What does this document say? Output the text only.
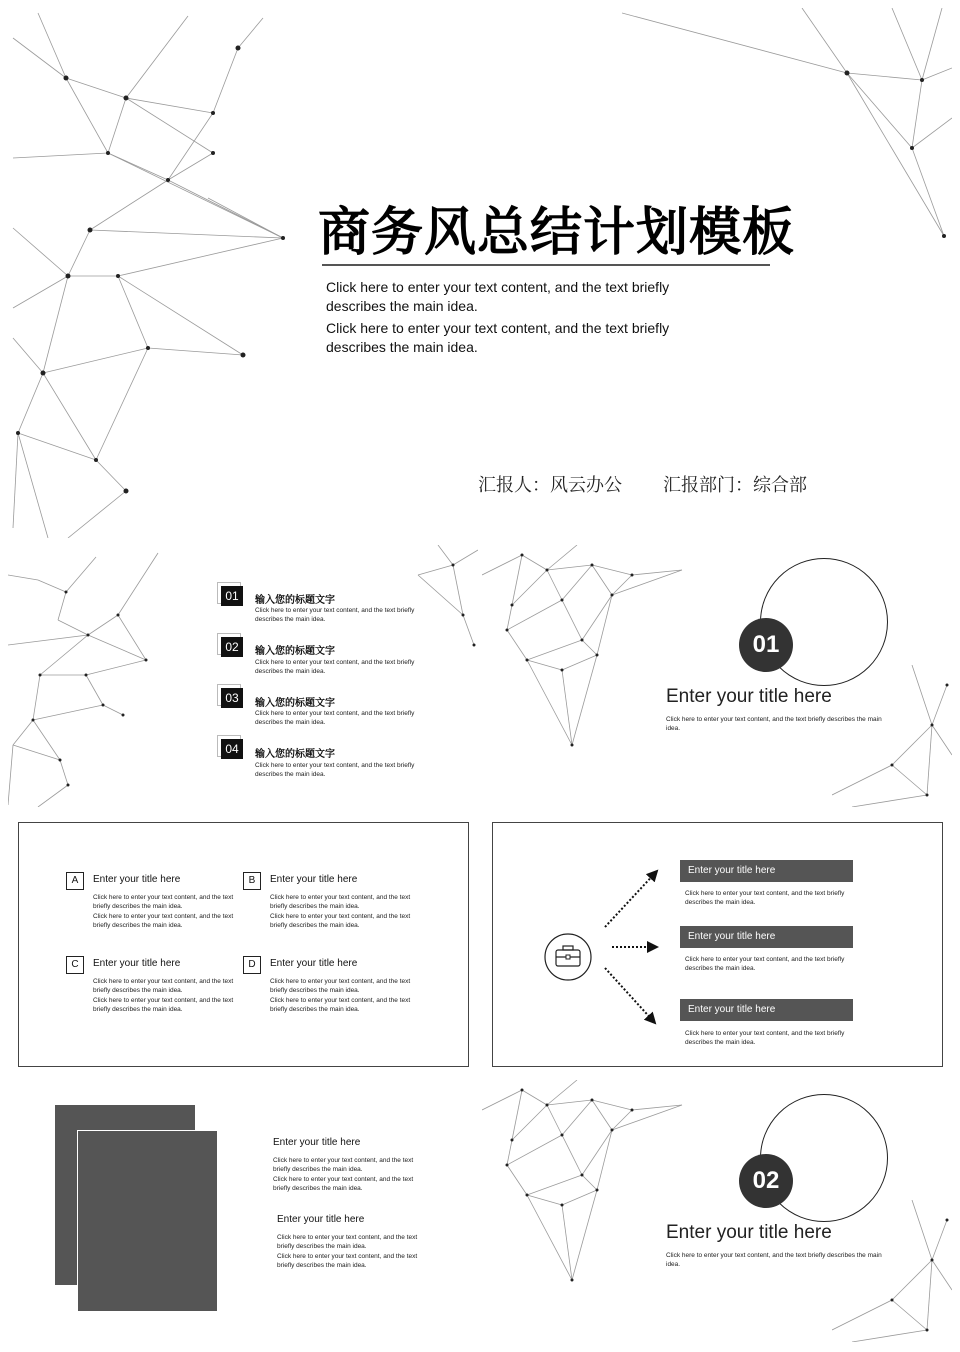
商务风总结计划模板
Click here to enter your text content, and the text briefly describes the main idea.
Click here to enter your text content, and the text briefly describes the main idea.
汇报人：风云办公 汇报部门：综合部
01	输入您的标题文字
Click here to enter your text content, and the text briefly describes the main idea.
02	输入您的标题文字
Click here to enter your text content, and the text briefly describes the main idea.
03	输入您的标题文字
Click here to enter your text content, and the text briefly describes the main idea.
04	输入您的标题文字
Click here to enter your text content, and the text briefly describes the main idea.
01
Enter your title here
Click here to enter your text content, and the text briefly describes the main idea.
A	Enter your title here
Click here to enter your text content, and the text briefly describes the main idea.
Click here to enter your text content, and the text briefly describes the main idea.
B	Enter your title here
Click here to enter your text content, and the text briefly describes the main idea.
Click here to enter your text content, and the text briefly describes the main idea.
C	Enter your title here
Click here to enter your text content, and the text briefly describes the main idea.
Click here to enter your text content, and the text briefly describes the main idea.
D	Enter your title here
Click here to enter your text content, and the text briefly describes the main idea.
Click here to enter your text content, and the text briefly describes the main idea.
Enter your title here
Click here to enter your text content, and the text briefly describes the main idea.
Enter your title here
Click here to enter your text content, and the text briefly describes the main idea.
Enter your title here
Click here to enter your text content, and the text briefly describes the main idea.
Enter your title here
Click here to enter your text content, and the text briefly describes the main idea.
Click here to enter your text content, and the text briefly describes the main idea.
Enter your title here
Click here to enter your text content, and the text briefly describes the main idea.
Click here to enter your text content, and the text briefly describes the main idea.
02
Enter your title here
Click here to enter your text content, and the text briefly describes the main idea.
